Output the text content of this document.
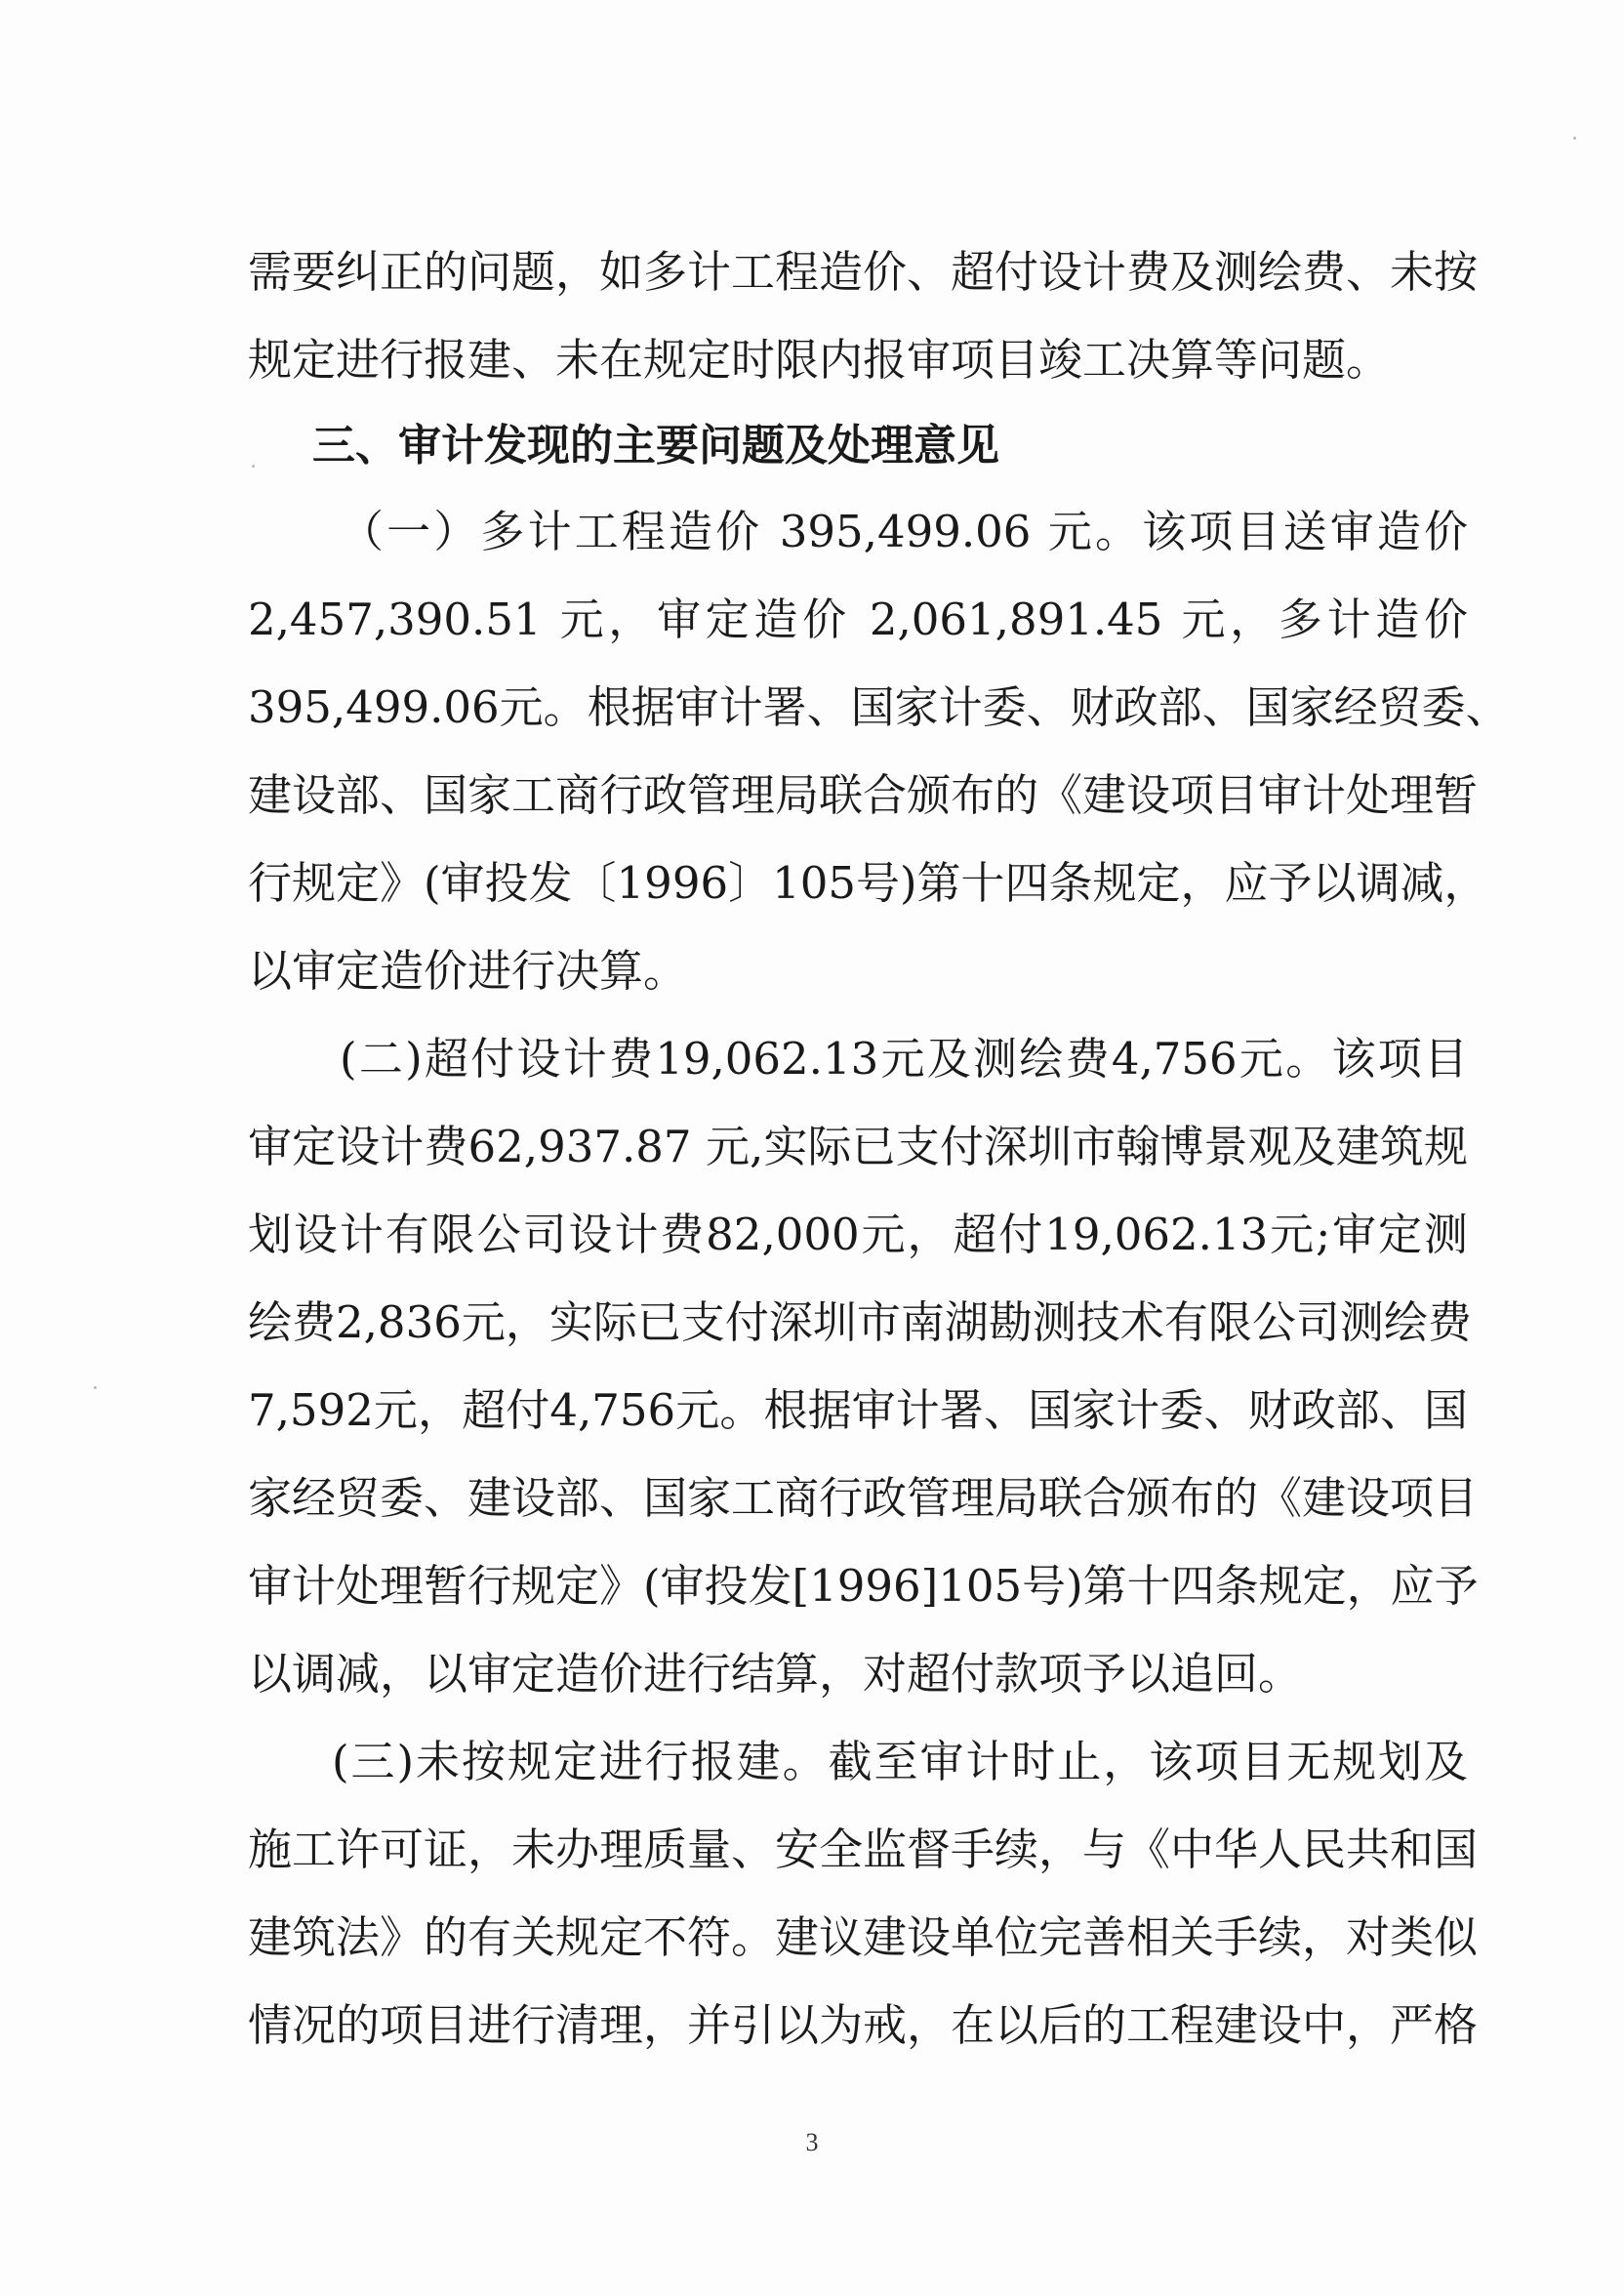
需要纠正的问题，如多计工程造价、超付设计费及测绘费、未按
规定进行报建、未在规定时限内报审项目竣工决算等问题。
三、审计发现的主要问题及处理意见
（一）多计工程造价 395,499.06 元。该项目送审造价
2,457,390.51 元，审定造价 2,061,891.45 元，多计造价
395,499.06元。根据审计署、国家计委、财政部、国家经贸委、
建设部、国家工商行政管理局联合颁布的《建设项目审计处理暂
行规定》(审投发〔1996〕105号)第十四条规定，应予以调减，
以审定造价进行决算。
(二)超付设计费19,062.13元及测绘费4,756元。该项目
审定设计费62,937.87 元,实际已支付深圳市翰博景观及建筑规
划设计有限公司设计费82,000元，超付19,062.13元;审定测
绘费2,836元，实际已支付深圳市南湖勘测技术有限公司测绘费
7,592元，超付4,756元。根据审计署、国家计委、财政部、国
家经贸委、建设部、国家工商行政管理局联合颁布的《建设项目
审计处理暂行规定》(审投发[1996]105号)第十四条规定，应予
以调减，以审定造价进行结算，对超付款项予以追回。
(三)未按规定进行报建。截至审计时止，该项目无规划及
施工许可证，未办理质量、安全监督手续，与《中华人民共和国
建筑法》的有关规定不符。建议建设单位完善相关手续，对类似
情况的项目进行清理，并引以为戒，在以后的工程建设中，严格
3
